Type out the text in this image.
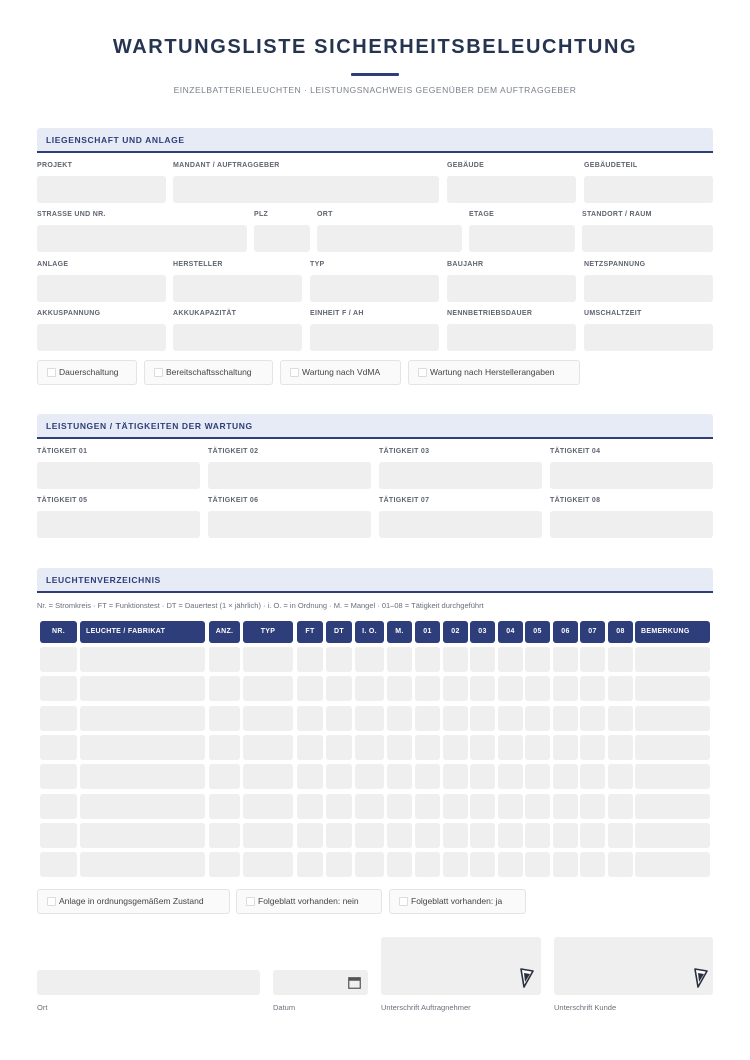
WARTUNGSLISTE SICHERHEITSBELEUCHTUNG
EINZELBATTERIELEUCHTEN · LEISTUNGSNACHWEIS GEGENÜBER DEM AUFTRAGGEBER
LIEGENSCHAFT UND ANLAGE
PROJEKT	MANDANT / AUFTRAGGEBER	GEBÄUDE	GEBÄUDETEIL
STRASSE UND NR.	PLZ	ORT	ETAGE	STANDORT / RAUM
ANLAGE	HERSTELLER	TYP	BAUJAHR	NETZSPANNUNG
AKKUSPANNUNG	AKKUKAPAZITÄT	EINHEIT F / AH	NENNBETRIEBSDAUER	UMSCHALTZEIT
Dauerschaltung	Bereitschaftsschaltung	Wartung nach VdMA	Wartung nach Herstellerangaben
LEISTUNGEN / TÄTIGKEITEN DER WARTUNG
TÄTIGKEIT 01	TÄTIGKEIT 02	TÄTIGKEIT 03	TÄTIGKEIT 04
TÄTIGKEIT 05	TÄTIGKEIT 06	TÄTIGKEIT 07	TÄTIGKEIT 08
LEUCHTENVERZEICHNIS
Nr. = Stromkreis · FT = Funktionstest · DT = Dauertest (1 × jährlich) · i. O. = in Ordnung · M. = Mangel · 01–08 = Tätigkeit durchgeführt
NR.	LEUCHTE / FABRIKAT	ANZ.	TYP	FT	DT	I. O.	M.	01	02	03	04	05	06	07	08	BEMERKUNG
Anlage in ordnungsgemäßem Zustand	Folgeblatt vorhanden: nein	Folgeblatt vorhanden: ja
Ort	Datum	Unterschrift Auftragnehmer	Unterschrift Kunde
